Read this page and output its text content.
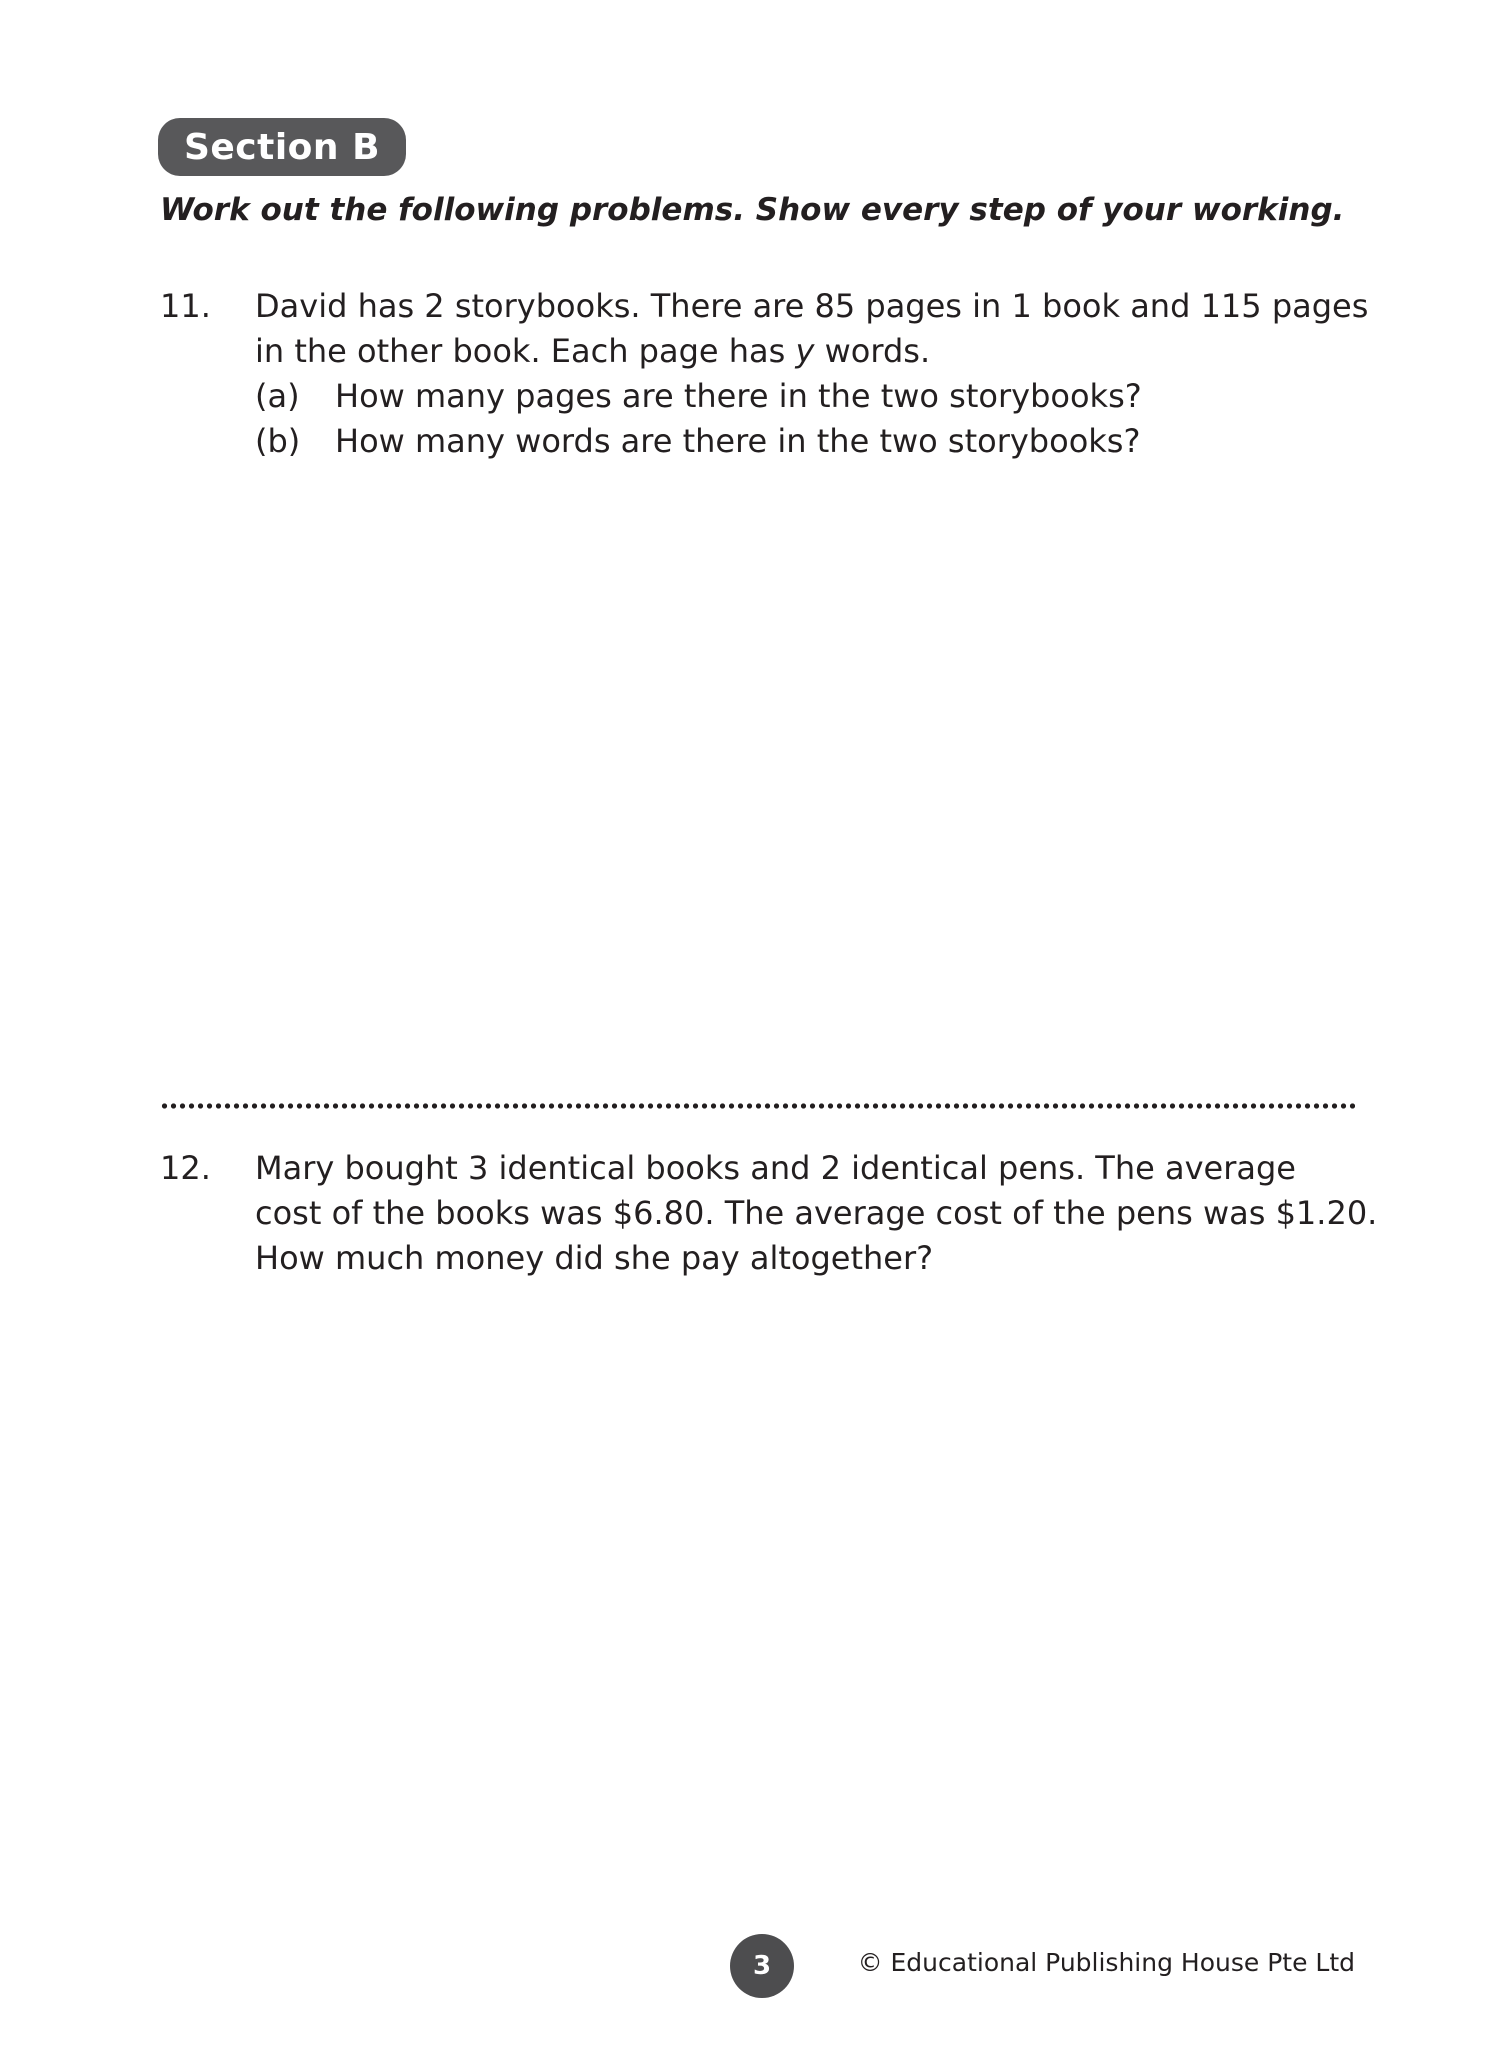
Section B
Work out the following problems. Show every step of your working.
11. David has 2 storybooks. There are 85 pages in 1 book and 115 pages
in the other book. Each page has y words.
(a)	How many pages are there in the two storybooks?
(b)	How many words are there in the two storybooks?
12. Mary bought 3 identical books and 2 identical pens. The average
cost of the books was $6.80. The average cost of the pens was $1.20.
How much money did she pay altogether?
3	© Educational Publishing House Pte Ltd
